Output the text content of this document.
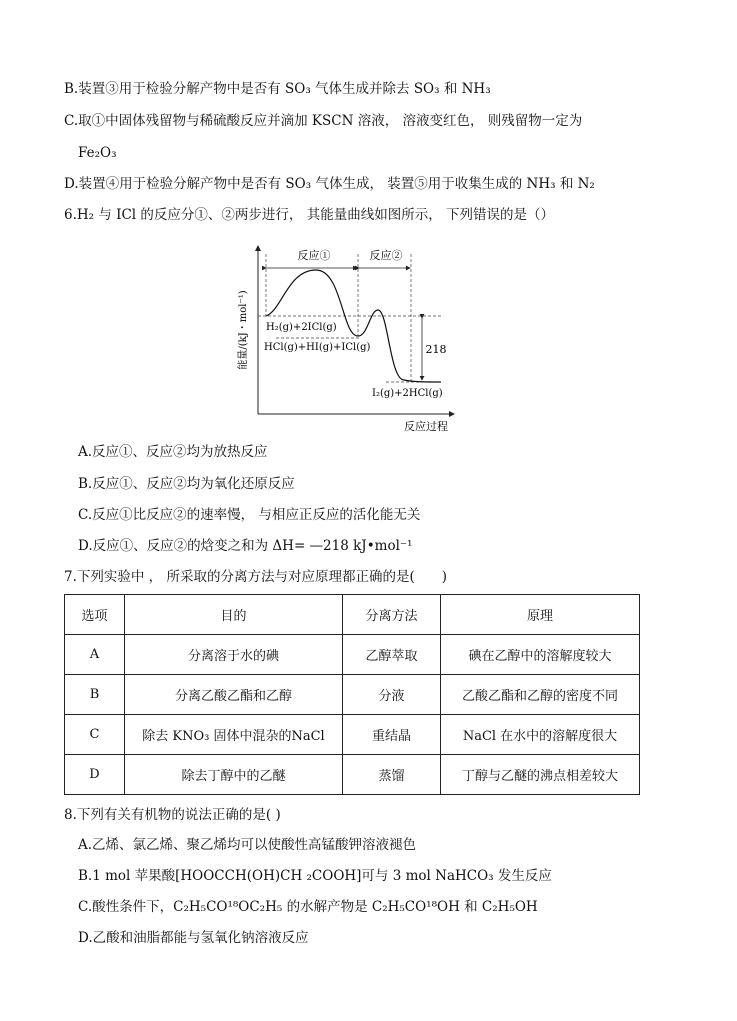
B.装置③用于检验分解产物中是否有 SO₃ 气体生成并除去 SO₃ 和 NH₃
C.取①中固体残留物与稀硫酸反应并滴加 KSCN 溶液， 溶液变红色， 则残留物一定为
Fe₂O₃
D.装置④用于检验分解产物中是否有 SO₃ 气体生成， 装置⑤用于收集生成的 NH₃ 和 N₂
6.H₂ 与 ICl 的反应分①、②两步进行， 其能量曲线如图所示， 下列错误的是（）
能量/(kJ・mol⁻¹)
反应过程
反应①	反应②
218
H₂(g)+2ICl(g)
HCl(g)+HI(g)+ICl(g)
I₂(g)+2HCl(g)
A.反应①、反应②均为放热反应
B.反应①、反应②均为氧化还原反应
C.反应①比反应②的速率慢， 与相应正反应的活化能无关
D.反应①、反应②的焓变之和为 ΔH= —218 kJ•mol⁻¹
7.下列实验中 ， 所采取的分离方法与对应原理都正确的是(　　)
选项	目的	分离方法	原理
A	分离溶于水的碘	乙醇萃取	碘在乙醇中的溶解度较大
B	分离乙酸乙酯和乙醇	分液	乙酸乙酯和乙醇的密度不同
C	除去 KNO₃ 固体中混杂的NaCl	重结晶	NaCl 在水中的溶解度很大
D	除去丁醇中的乙醚	蒸馏	丁醇与乙醚的沸点相差较大
8.下列有关有机物的说法正确的是( )
A.乙烯、氯乙烯、聚乙烯均可以使酸性高锰酸钾溶液褪色
B.1 mol 苹果酸[HOOCCH(OH)CH ₂COOH]可与 3 mol NaHCO₃ 发生反应
C.酸性条件下，C₂H₅CO¹⁸OC₂H₅ 的水解产物是 C₂H₅CO¹⁸OH 和 C₂H₅OH
D.乙酸和油脂都能与氢氧化钠溶液反应
